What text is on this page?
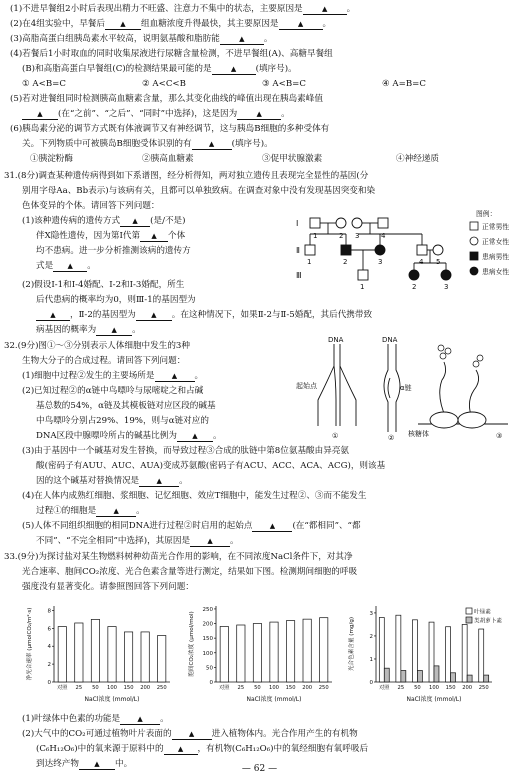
(1)不进早餐组2小时后表现出精力不旺盛、注意力不集中的状态，主要原因是	▲ 。
(2)在4组实验中，早餐后 ▲ 组血糖浓度升得最快，其主要原因是	▲ 。
(3)高脂高蛋白组胰岛素水平较高，说明氨基酸和脂肪能	▲ 。
(4)若餐后1小时取血的同时收集尿液进行尿糖含量检测，不进早餐组(A)、高糖早餐组
(B)和高脂高蛋白早餐组(C)的检测结果最可能的是	▲ (填序号)。
① A<B=C	② A<C<B	③ A<B=C	④ A=B=C
(5)若对进餐组同时检测胰高血糖素含量，那么其变化曲线的峰值出现在胰岛素峰值
▲ (在“之前”、“之后”、“同时”中选择)，这是因为	▲ 。
(6)胰岛素分泌的调节方式既有体液调节又有神经调节，这与胰岛B细胞的多种受体有
关。下列物质中可被胰岛B细胞受体识别的有 ▲ (填序号)。
①胰淀粉酶	②胰高血糖素	③促甲状腺激素	④神经递质
31.(8分)调查某种遗传病得到如下系谱图，经分析得知，两对独立遗传且表现完全显性的基因(分
别用字母Aa、Bb表示)与该病有关，且都可以单独致病。在调查对象中没有发现基因突变和染
色体变异的个体。请回答下列问题：
(1)该种遗传病的遗传方式 ▲ (是/不是)
伴X隐性遗传，因为第Ⅰ代第 ▲ 个体
均不患病。进一步分析推测该病的遗传方
式是 ▲ 。
(2)假设Ⅰ-1和Ⅰ-4婚配、Ⅰ-2和Ⅰ-3婚配，所生
后代患病的概率均为0，则Ⅲ-1的基因型为
▲ ，Ⅱ-2的基因型为 ▲ 。在这种情况下，如果Ⅱ-2与Ⅱ-5婚配，其后代携带致
病基因的概率为 ▲ 。
Ⅰ
Ⅱ
Ⅲ
1	2 3	4
1	2	3	4 5
1	2	3
图例：
正常男性
正常女性
患病男性
患病女性
32.(9分)图①～③分别表示人体细胞中发生的3种
生物大分子的合成过程。请回答下列问题：
(1)细胞中过程②发生的主要场所是 ▲ 。
(2)已知过程②的α链中鸟嘌呤与尿嘧啶之和占碱
基总数的54%，α链及其模板链对应区段的碱基
中鸟嘌呤分别占29%、19%，则与α链对应的
DNA区段中腺嘌呤所占的碱基比例为 ▲ 。
(3)由于基因中一个碱基对发生替换，而导致过程③合成的肽链中第8位氨基酸由异亮氨
酸(密码子有AUU、AUC、AUA)变成苏氨酸(密码子有ACU、ACC、ACA、ACG)，则该基
因的这个碱基对替换情况是 ▲ 。
(4)在人体内成熟红细胞、浆细胞、记忆细胞、效应T细胞中，能发生过程②、③而不能发生
过程①的细胞是 ▲ 。
(5)人体不同组织细胞的相同DNA进行过程②时启用的起始点 ▲ (在“都相同”、“都
不同”、“不完全相同”中选择)，其原因是 ▲ 。
DNA	DNA
α链
起始点
核糖体
①	②	③
33.(9分)为探讨盐对某生物燃料树种幼苗光合作用的影响，在不同浓度NaCl条件下，对其净
光合速率、胞间CO₂浓度、光合色素含量等进行测定，结果如下图。检测期间细胞的呼吸
强度没有显著变化。请参照图回答下列问题：
0
2
4
6
8
净光合速率 (μmolCO₂/m²·s)
对照 25 50 100 150 200 250
NaCl浓度 (mmol/L)
0
50
100
150
200
250
胞间CO₂浓度 (μmol/mol)
对照 25 50 100 150 200 250
NaCl浓度 (mmol/L)
0
1
2
3
光合色素含量 (mg/g)
对照 25 50 100 150 200 250
NaCl浓度 (mmol/L)
叶绿素
类胡萝卜素
(1)叶绿体中色素的功能是 ▲ 。
(2)大气中的CO₂可通过植物叶片表面的 ▲ 进入植物体内。光合作用产生的有机物
(C₆H₁₂O₆)中的氧来源于原料中的 ▲ ，有机物(C₆H₁₂O₆)中的氧经细胞有氧呼吸后
到达终产物 ▲ 中。	— 62 —
